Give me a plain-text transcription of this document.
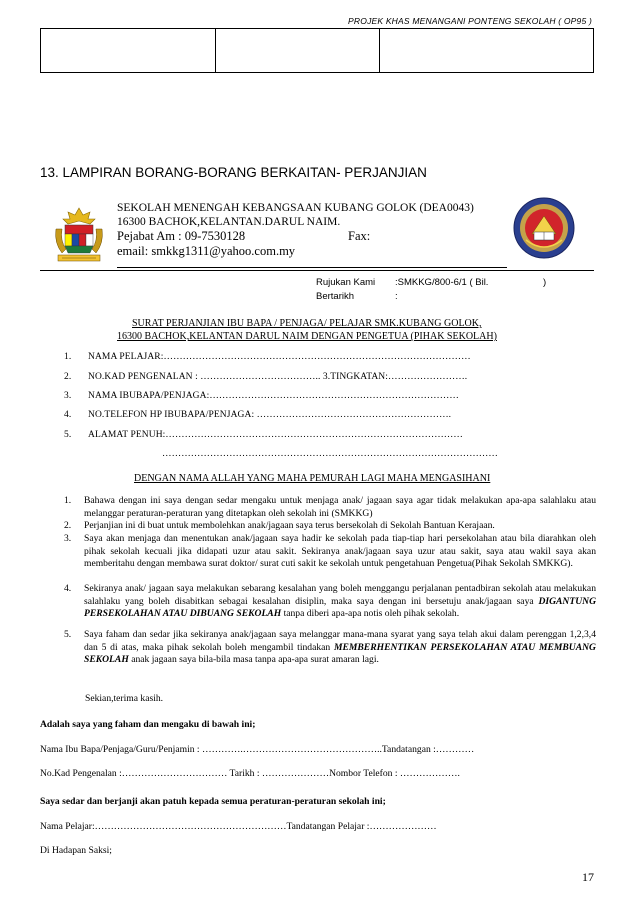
PROJEK KHAS MENANGANI PONTENG SEKOLAH ( OP95 )
13. LAMPIRAN BORANG-BORANG BERKAITAN- PERJANJIAN
SEKOLAH MENENGAH KEBANGSAAN KUBANG GOLOK (DEA0043)
16300 BACHOK,KELANTAN.DARUL NAIM.
Pejabat Am : 09-7530128	Fax:
email: smkkg1311@yahoo.com.my
Rujukan Kami :SMKKG/800-6/1 ( Bil.	)
Bertarikh	:
SURAT PERJANJIAN IBU BAPA / PENJAGA/ PELAJAR SMK.KUBANG GOLOK,
16300 BACHOK,KELANTAN DARUL NAIM DENGAN PENGETUA (PIHAK SEKOLAH)
1. NAMA PELAJAR:……………………………………………………………………………………
2. NO.KAD PENGENALAN : ……………………………….. 3.TINGKATAN:…………………….
3. NAMA IBUBAPA/PENJAGA:……………………………………………………………………
4. NO.TELEFON HP IBUBAPA/PENJAGA: …………………………………………………….
5. ALAMAT PENUH:…………………………………………………………………………………
……………………………………………………………………………………………
DENGAN NAMA ALLAH YANG MAHA PEMURAH LAGI MAHA MENGASIHANI
1. Bahawa dengan ini saya dengan sedar mengaku untuk menjaga anak/ jagaan saya agar tidak melakukan apa-apa salahlaku atau melanggar peraturan-peraturan yang ditetapkan oleh sekolah ini (SMKKG)
2. Perjanjian ini di buat untuk membolehkan anak/jagaan saya terus bersekolah di Sekolah Bantuan Kerajaan.
3. Saya akan menjaga dan menentukan anak/jagaan saya hadir ke sekolah pada tiap-tiap hari persekolahan atau bila diarahkan oleh pihak sekolah kecuali jika didapati uzur atau sakit. Sekiranya anak/jagaan saya uzur atau sakit, saya atau wakil saya akan memberitahu dengan membawa surat doktor/ surat cuti sakit ke sekolah untuk pengetahuan Pengetua(Pihak Sekolah SMKKG).
4. Sekiranya anak/ jagaan saya melakukan sebarang kesalahan yang boleh menggangu perjalanan pentadbiran sekolah atau melakukan salahlaku yang boleh disabitkan sebagai kesalahan disiplin, maka saya dengan ini bersetuju anak/jagaan saya DIGANTUNG PERSEKOLAHAN ATAU DIBUANG SEKOLAH tanpa diberi apa-apa notis oleh pihak sekolah.
5. Saya faham dan sedar jika sekiranya anak/jagaan saya melanggar mana-mana syarat yang saya telah akui dalam perenggan 1,2,3,4 dan 5 di atas, maka pihak sekolah boleh mengambil tindakan MEMBERHENTIKAN PERSEKOLAHAN ATAU MEMBUANG SEKOLAH anak jagaan saya bila-bila masa tanpa apa-apa surat amaran lagi.
Sekian,terima kasih.
Adalah saya yang faham dan mengaku di bawah ini;
Nama Ibu Bapa/Penjaga/Guru/Penjamin : ………….……………………………………..Tandatangan :…………
No.Kad Pengenalan :…………………………… Tarikh : …………………Nombor Telefon : ……………….
Saya sedar dan berjanji akan patuh kepada semua peraturan-peraturan sekolah ini;
Nama Pelajar:……………………………………………………Tandatangan Pelajar :…………………
Di Hadapan Saksi;
17
